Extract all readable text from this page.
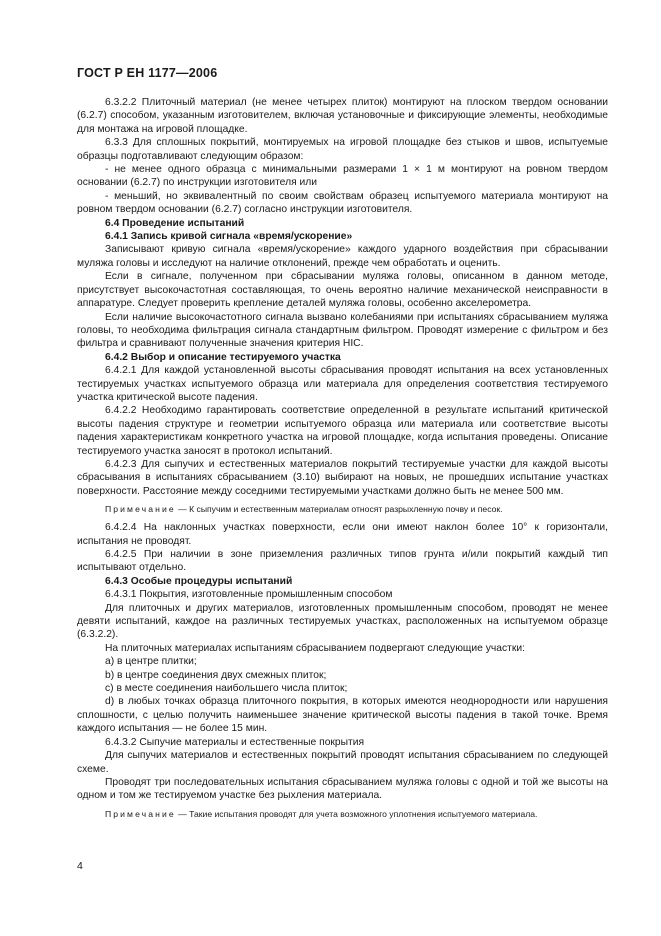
ГОСТ Р ЕН 1177—2006

6.3.2.2 Плиточный материал (не менее четырех плиток) монтируют на плоском твердом основании (6.2.7) способом, указанным изготовителем, включая установочные и фиксирующие элементы, необходимые для монтажа на игровой площадке.

6.3.3 Для сплошных покрытий, монтируемых на игровой площадке без стыков и швов, испытуемые образцы подготавливают следующим образом:

- не менее одного образца с минимальными размерами 1 × 1 м монтируют на ровном твердом основании (6.2.7) по инструкции изготовителя или

- меньший, но эквивалентный по своим свойствам образец испытуемого материала монтируют на ровном твердом основании (6.2.7) согласно инструкции изготовителя.

6.4 Проведение испытаний

6.4.1 Запись кривой сигнала «время/ускорение»

Записывают кривую сигнала «время/ускорение» каждого ударного воздействия при сбрасывании муляжа головы и исследуют на наличие отклонений, прежде чем обработать и оценить.

Если в сигнале, полученном при сбрасывании муляжа головы, описанном в данном методе, присутствует высокочастотная составляющая, то очень вероятно наличие механической неисправности в аппаратуре. Следует проверить крепление деталей муляжа головы, особенно акселерометра.

Если наличие высокочастотного сигнала вызвано колебаниями при испытаниях сбрасыванием муляжа головы, то необходима фильтрация сигнала стандартным фильтром. Проводят измерение с фильтром и без фильтра и сравнивают полученные значения критерия HIC.

6.4.2 Выбор и описание тестируемого участка

6.4.2.1 Для каждой установленной высоты сбрасывания проводят испытания на всех установленных тестируемых участках испытуемого образца или материала для определения соответствия тестируемого участка критической высоте падения.

6.4.2.2 Необходимо гарантировать соответствие определенной в результате испытаний критической высоты падения структуре и геометрии испытуемого образца или материала или соответствие высоты падения характеристикам конкретного участка на игровой площадке, когда испытания проведены. Описание тестируемого участка заносят в протокол испытаний.

6.4.2.3 Для сыпучих и естественных материалов покрытий тестируемые участки для каждой высоты сбрасывания в испытаниях сбрасыванием (3.10) выбирают на новых, не прошедших испытание участках поверхности. Расстояние между соседними тестируемыми участками должно быть не менее 500 мм.

Примечание — К сыпучим и естественным материалам относят разрыхленную почву и песок.

6.4.2.4 На наклонных участках поверхности, если они имеют наклон более 10° к горизонтали, испытания не проводят.

6.4.2.5 При наличии в зоне приземления различных типов грунта и/или покрытий каждый тип испытывают отдельно.

6.4.3 Особые процедуры испытаний

6.4.3.1 Покрытия, изготовленные промышленным способом

Для плиточных и других материалов, изготовленных промышленным способом, проводят не менее девяти испытаний, каждое на различных тестируемых участках, расположенных на испытуемом образце (6.3.2.2).

На плиточных материалах испытаниям сбрасыванием подвергают следующие участки:

a) в центре плитки;

b) в центре соединения двух смежных плиток;

c) в месте соединения наибольшего числа плиток;

d) в любых точках образца плиточного покрытия, в которых имеются неоднородности или нарушения сплошности, с целью получить наименьшее значение критической высоты падения в такой точке. Время каждого испытания — не более 15 мин.

6.4.3.2 Сыпучие материалы и естественные покрытия

Для сыпучих материалов и естественных покрытий проводят испытания сбрасыванием по следующей схеме.

Проводят три последовательных испытания сбрасыванием муляжа головы с одной и той же высоты на одном и том же тестируемом участке без рыхления материала.

Примечание — Такие испытания проводят для учета возможного уплотнения испытуемого материала.

4
